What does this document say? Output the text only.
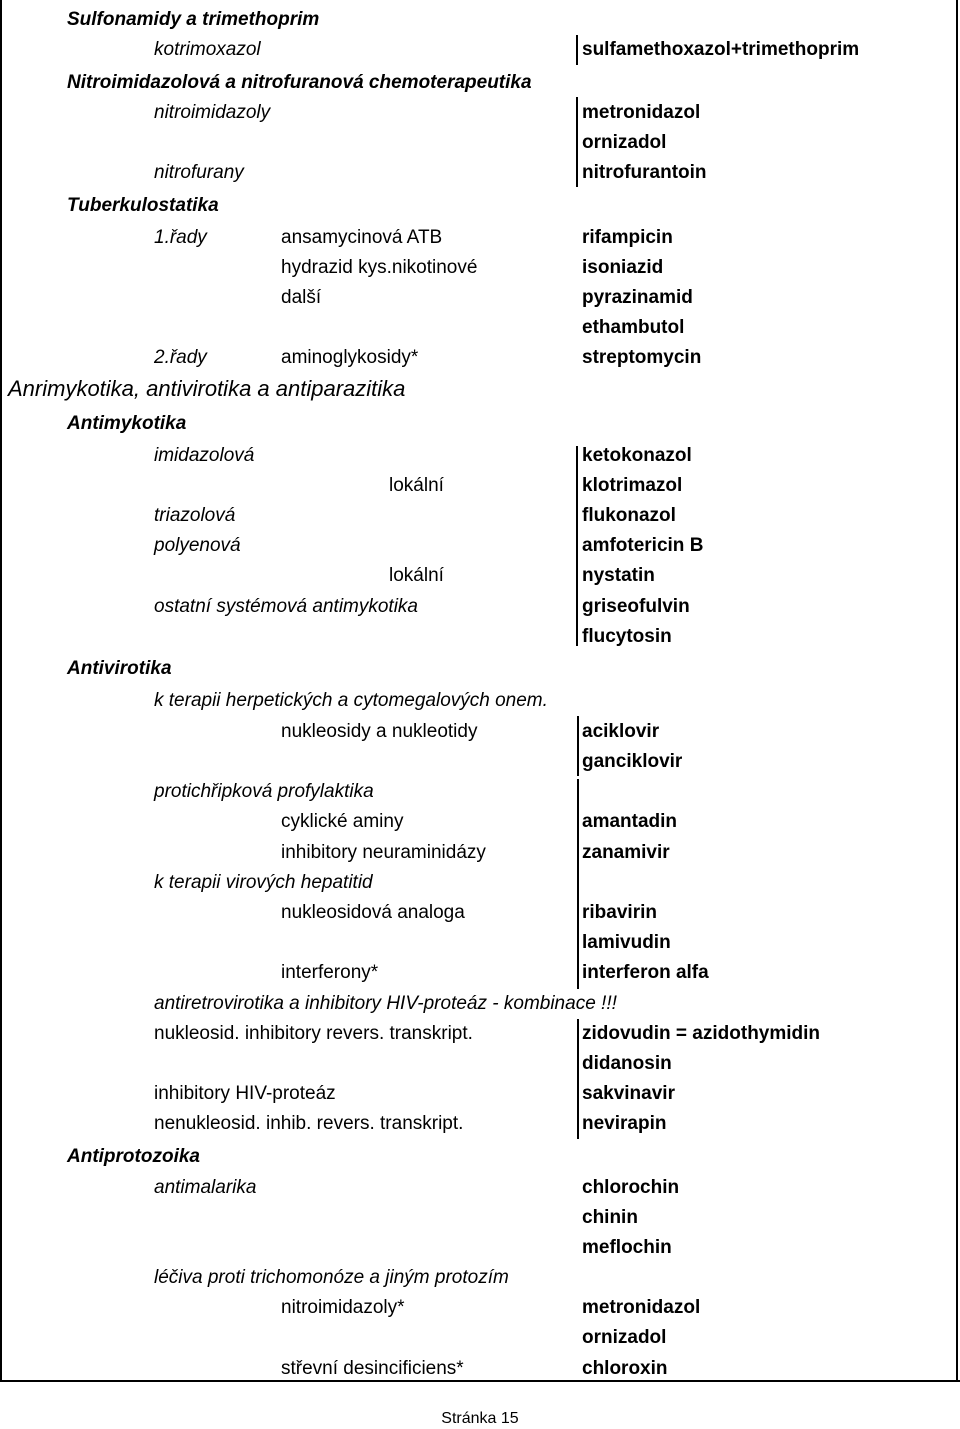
Sulfonamidy a trimethoprim
kotrimoxazol	sulfamethoxazol+trimethoprim
Nitroimidazolová a nitrofuranová chemoterapeutika
nitroimidazoly	metronidazol
ornizadol
nitrofurany	nitrofurantoin
Tuberkulostatika
1.řady	ansamycinová ATB	rifampicin
hydrazid kys.nikotinové	isoniazid
další	pyrazinamid
ethambutol
2.řady	aminoglykosidy*	streptomycin
Anrimykotika, antivirotika a antiparazitika
Antimykotika
imidazolová	ketokonazol
lokální	klotrimazol
triazolová	flukonazol
polyenová	amfotericin B
lokální	nystatin
ostatní systémová antimykotika	griseofulvin
flucytosin
Antivirotika
k terapii herpetických a cytomegalových onem.
nukleosidy a nukleotidy	aciklovir
ganciklovir
protichřipková profylaktika
cyklické aminy	amantadin
inhibitory neuraminidázy	zanamivir
k terapii virových hepatitid
nukleosidová analoga	ribavirin
lamivudin
interferony*	interferon alfa
antiretrovirotika a inhibitory HIV-proteáz - kombinace !!!
nukleosid. inhibitory revers. transkript.	zidovudin = azidothymidin
didanosin
inhibitory HIV-proteáz	sakvinavir
nenukleosid. inhib. revers. transkript.	nevirapin
Antiprotozoika
antimalarika	chlorochin
chinin
meflochin
léčiva proti trichomonóze a jiným protozím
nitroimidazoly*	metronidazol
ornizadol
střevní desincificiens*	chloroxin
Stránka 15
